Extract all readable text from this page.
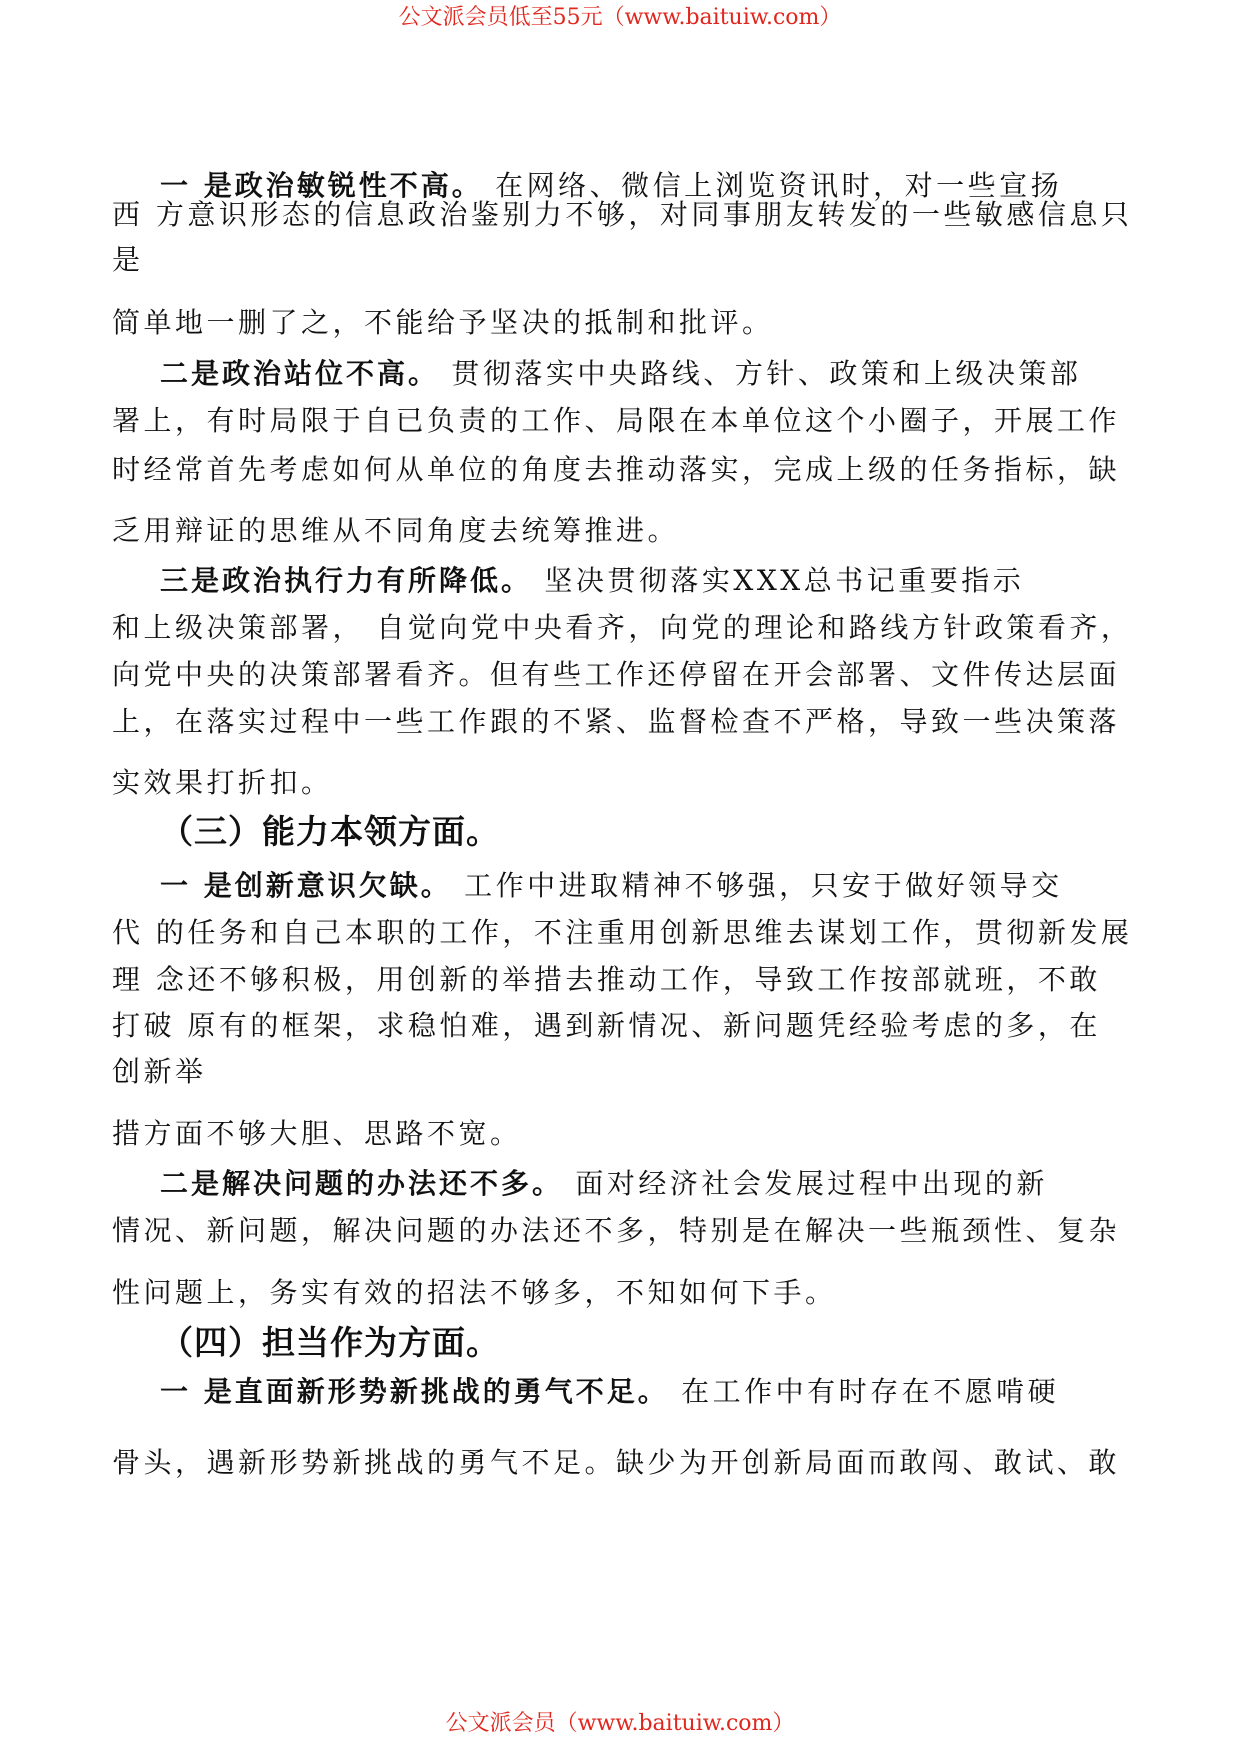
公文派会员低至55元（www.baituiw.com）
一 是政治敏锐性不高。 在网络、微信上浏览资讯时，对一些宣扬
西 方意识形态的信息政治鉴别力不够，对同事朋友转发的一些敏感信息只
是
简单地一删了之，不能给予坚决的抵制和批评。
二是政治站位不高。 贯彻落实中央路线、方针、政策和上级决策部
署上，有时局限于自已负责的工作、局限在本单位这个小圈子，开展工作
时经常首先考虑如何从单位的角度去推动落实，完成上级的任务指标，缺
乏用辩证的思维从不同角度去统筹推进。
三是政治执行力有所降低。 坚决贯彻落实XXX总书记重要指示
和上级决策部署， 自觉向党中央看齐，向党的理论和路线方针政策看齐，
向党中央的决策部署看齐。但有些工作还停留在开会部署、文件传达层面
上，在落实过程中一些工作跟的不紧、监督检查不严格，导致一些决策落
实效果打折扣。
（三）能力本领方面。
一 是创新意识欠缺。 工作中进取精神不够强，只安于做好领导交
代 的任务和自己本职的工作，不注重用创新思维去谋划工作，贯彻新发展
理 念还不够积极，用创新的举措去推动工作，导致工作按部就班，不敢
打破 原有的框架，求稳怕难，遇到新情况、新问题凭经验考虑的多，在
创新举
措方面不够大胆、思路不宽。
二是解决问题的办法还不多。 面对经济社会发展过程中出现的新
情况、新问题，解决问题的办法还不多，特别是在解决一些瓶颈性、复杂
性问题上，务实有效的招法不够多，不知如何下手。
（四）担当作为方面。
一 是直面新形势新挑战的勇气不足。 在工作中有时存在不愿啃硬
骨头，遇新形势新挑战的勇气不足。缺少为开创新局面而敢闯、敢试、敢
公文派会员（www.baituiw.com）
